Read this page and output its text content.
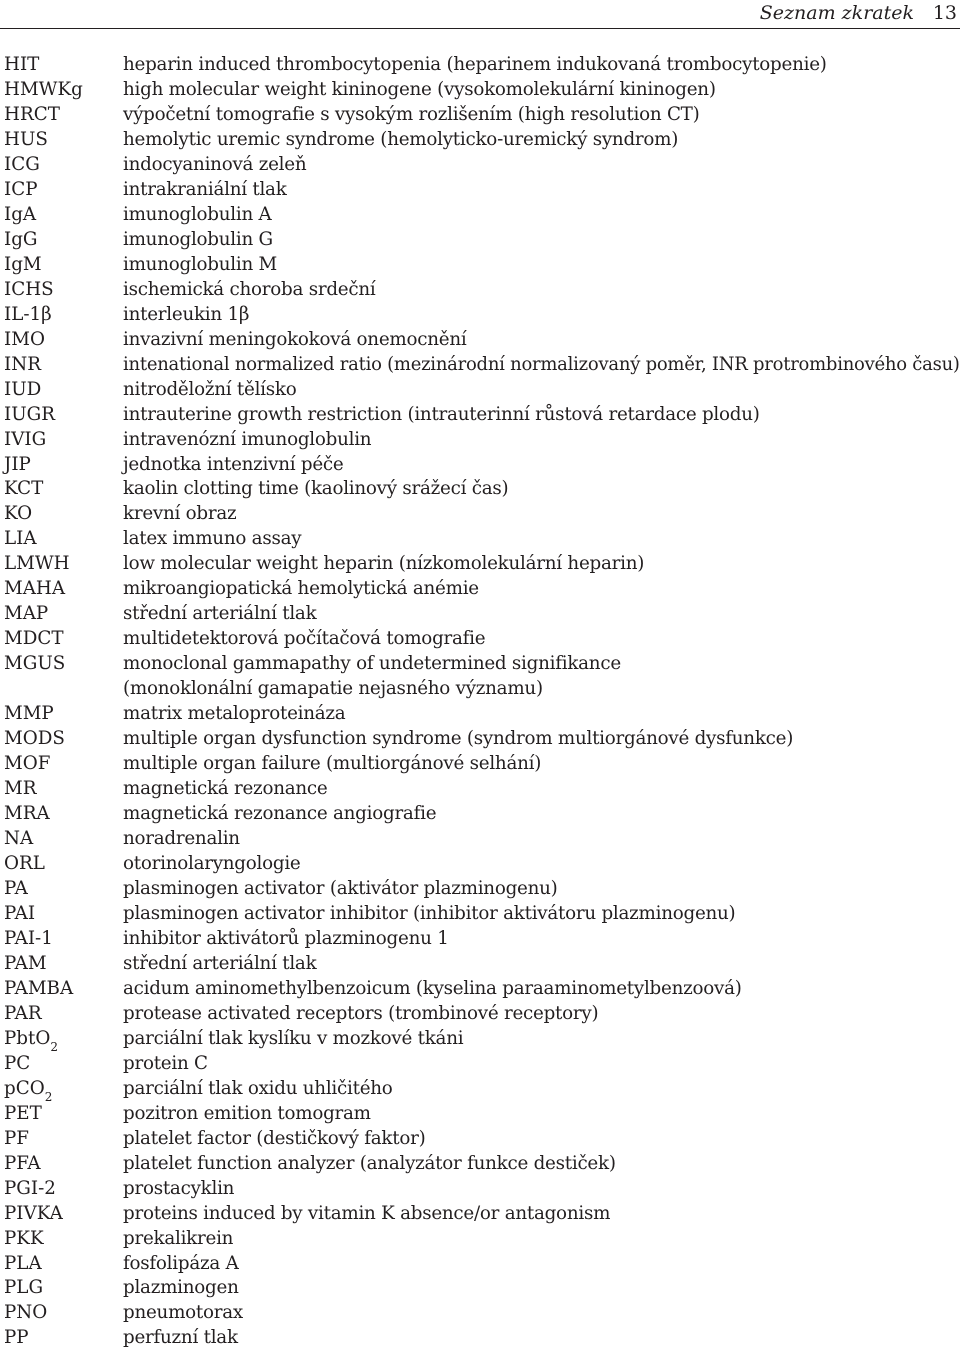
Seznam zkratek 13
HIT	heparin induced thrombocytopenia (heparinem indukovaná trombocytopenie)
HMWKg	high molecular weight kininogene (vysokomolekulární kininogen)
HRCT	výpočetní tomografie s vysokým rozlišením (high resolution CT)
HUS	hemolytic uremic syndrome (hemolyticko-uremický syndrom)
ICG	indocyaninová zeleň
ICP	intrakraniální tlak
IgA	imunoglobulin A
IgG	imunoglobulin G
IgM	imunoglobulin M
ICHS	ischemická choroba srdeční
IL-1β	interleukin 1β
IMO	invazivní meningokoková onemocnění
INR	intenational normalized ratio (mezinárodní normalizovaný poměr, INR protrombinového času)
IUD	nitroděložní tělísko
IUGR	intrauterine growth restriction (intrauterinní růstová retardace plodu)
IVIG	intravenózní imunoglobulin
JIP	jednotka intenzivní péče
KCT	kaolin clotting time (kaolinový srážecí čas)
KO	krevní obraz
LIA	latex immuno assay
LMWH	low molecular weight heparin (nízkomolekulární heparin)
MAHA	mikroangiopatická hemolytická anémie
MAP	střední arteriální tlak
MDCT	multidetektorová počítačová tomografie
MGUS	monoclonal gammapathy of undetermined signifikance
(monoklonální gamapatie nejasného významu)
MMP	matrix metaloproteináza
MODS	multiple organ dysfunction syndrome (syndrom multiorgánové dysfunkce)
MOF	multiple organ failure (multiorgánové selhání)
MR	magnetická rezonance
MRA	magnetická rezonance angiografie
NA	noradrenalin
ORL	otorinolaryngologie
PA	plasminogen activator (aktivátor plazminogenu)
PAI	plasminogen activator inhibitor (inhibitor aktivátoru plazminogenu)
PAI-1	inhibitor aktivátorů plazminogenu 1
PAM	střední arteriální tlak
PAMBA	acidum aminomethylbenzoicum (kyselina paraaminometylbenzoová)
PAR	protease activated receptors (trombinové receptory)
PbtO$_2$	parciální tlak kyslíku v mozkové tkáni
PC	protein C
pCO$_2$	parciální tlak oxidu uhličitého
PET	pozitron emition tomogram
PF	platelet factor (destičkový faktor)
PFA	platelet function analyzer (analyzátor funkce destiček)
PGI-2	prostacyklin
PIVKA	proteins induced by vitamin K absence/or antagonism
PKK	prekalikrein
PLA	fosfolipáza A
PLG	plazminogen
PNO	pneumotorax
PP	perfuzní tlak
